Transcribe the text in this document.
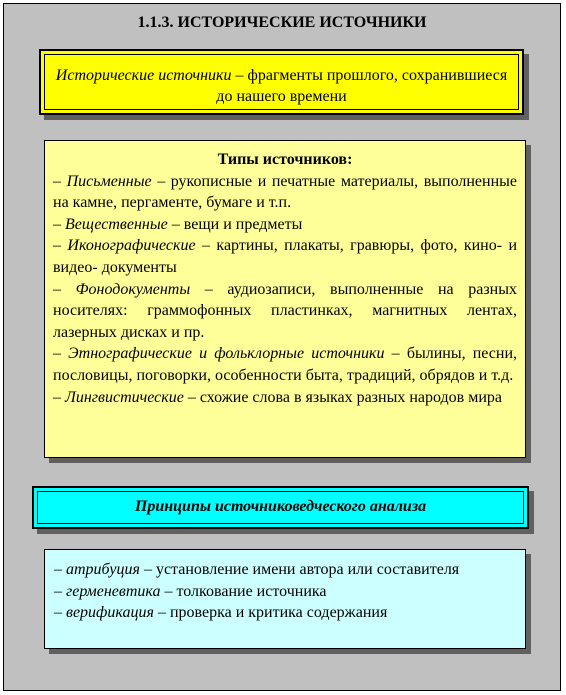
1.1.3. ИСТОРИЧЕСКИЕ ИСТОЧНИКИ
Исторические источники – фрагменты прошлого, сохранившиеся до нашего времени
Типы источников:

– Письменные – рукописные и печатные материалы, выполненные на камне, пергаменте, бумаге и т.п.

– Вещественные – вещи и предметы

– Иконографические – картины, плакаты, гравюры, фото, кино- и видео- документы

– Фонодокументы – аудиозаписи, выполненные на разных носителях: граммофонных пластинках, магнитных лентах, лазерных дисках и пр.

– Этнографические и фольклорные источники – былины, песни, пословицы, поговорки, особенности быта, традиций, обрядов и т.д.

– Лингвистические – схожие слова в языках разных народов мира

Принципы источниковедческого анализа

– атрибуция – установление имени автора или составителя

– герменевтика – толкование источника

– верификация – проверка и критика содержания
